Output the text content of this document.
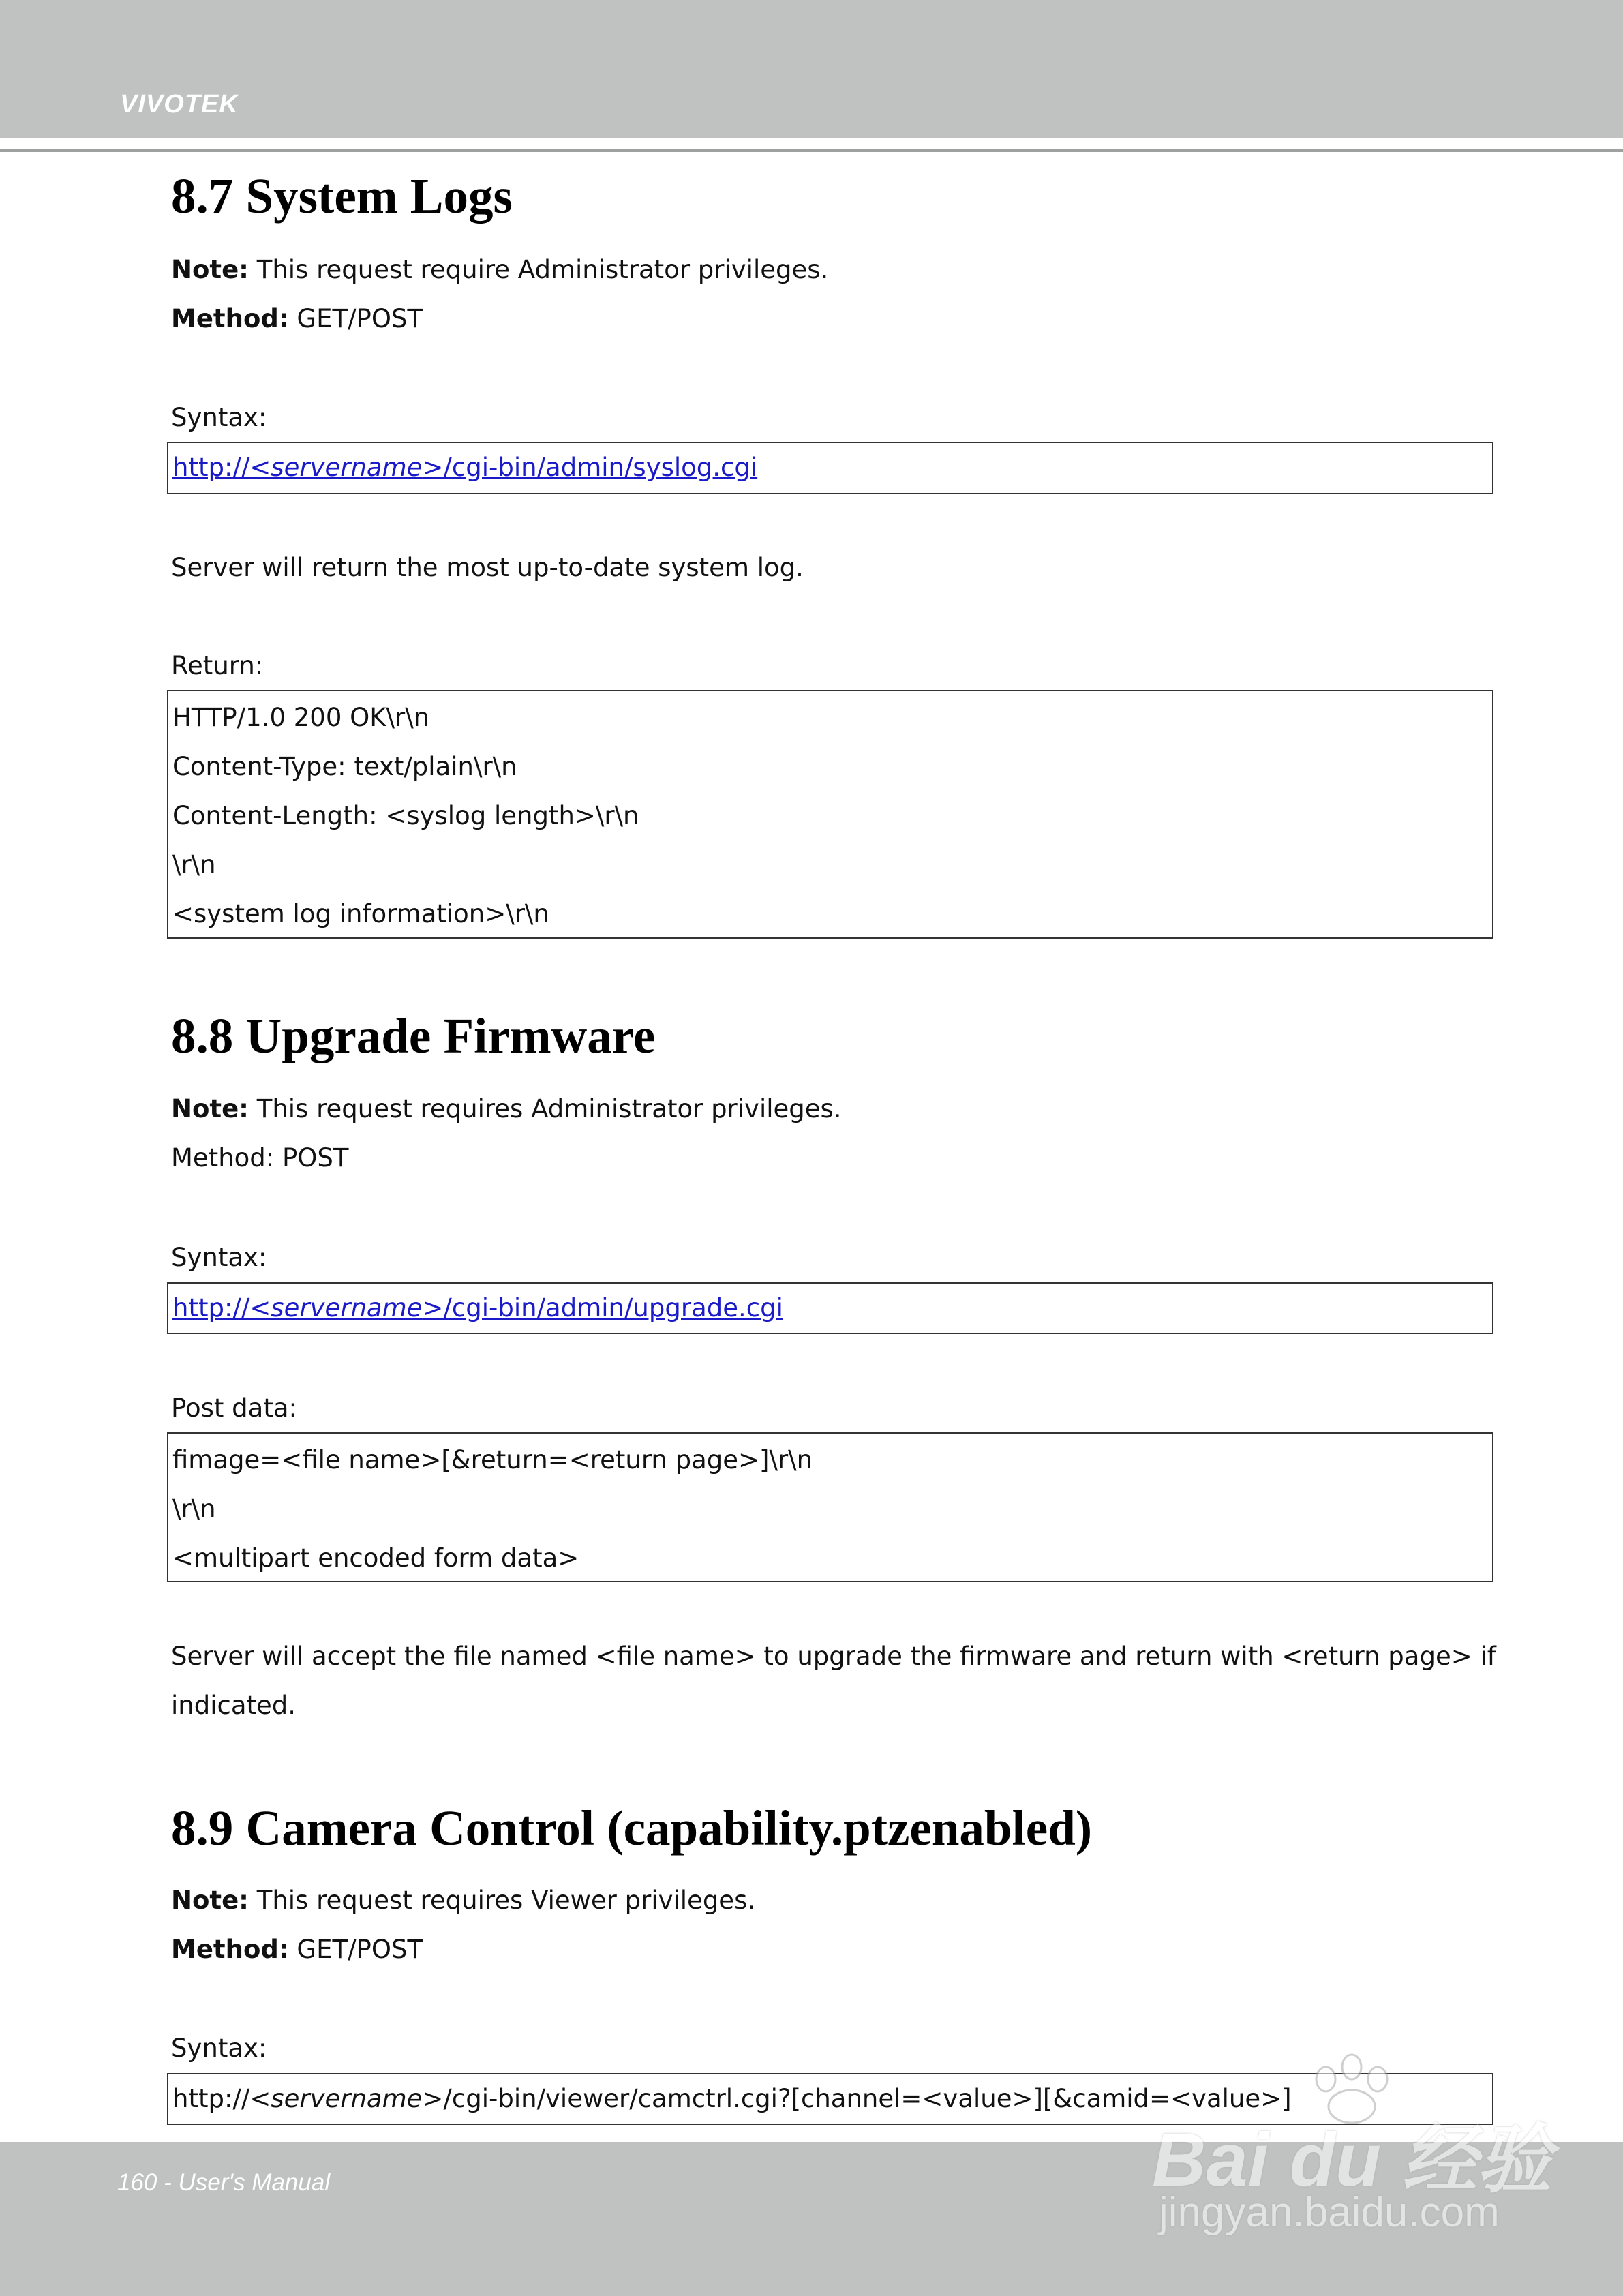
VIVOTEK
8.7 System Logs

Note: This request require Administrator privileges.

Method: GET/POST

Syntax:

http://<servername>/cgi-bin/admin/syslog.cgi

Server will return the most up-to-date system log.

Return:

HTTP/1.0 200 OK\r\n
Content-Type: text/plain\r\n
Content-Length: <syslog length>\r\n
\r\n
<system log information>\r\n
8.8 Upgrade Firmware

Note: This request requires Administrator privileges.

Method: POST

Syntax:

http://<servername>/cgi-bin/admin/upgrade.cgi

Post data:

fimage=<file name>[&return=<return page>]\r\n
\r\n
<multipart encoded form data>

Server will accept the file named <file name> to upgrade the firmware and return with <return page> if

indicated.

8.9 Camera Control (capability.ptzenabled)

Note: This request requires Viewer privileges.

Method: GET/POST

Syntax:

http://<servername>/cgi-bin/viewer/camctrl.cgi?[channel=<value>][&camid=<value>]
160 - User's Manual	Bai du 经验
jingyan.baidu.com
